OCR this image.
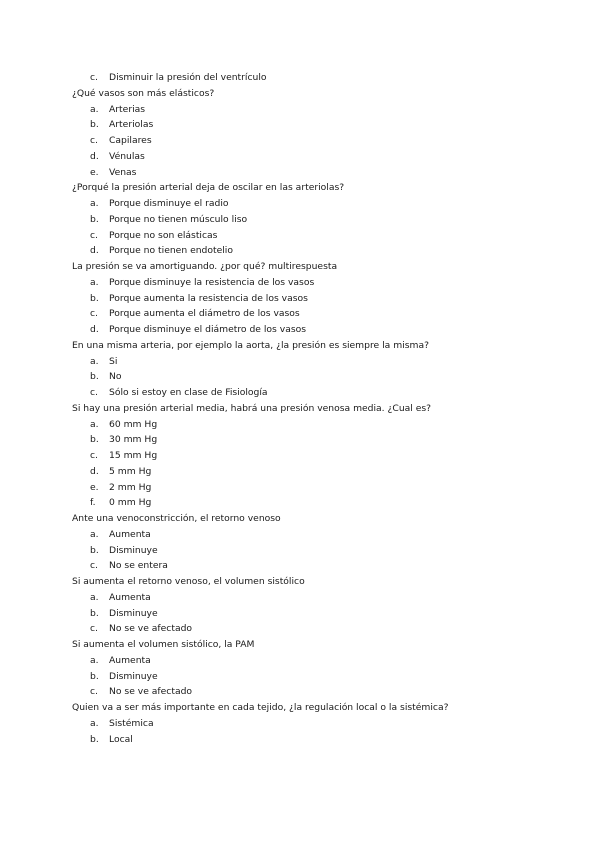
c. Disminuir la presión del ventrículo
¿Qué vasos son más elásticos?
a. Arterias
b. Arteriolas
c. Capilares
d. Vénulas
e. Venas
¿Porqué la presión arterial deja de oscilar en las arteriolas?
a. Porque disminuye el radio
b. Porque no tienen músculo liso
c. Porque no son elásticas
d. Porque no tienen endotelio
La presión se va amortiguando. ¿por qué? multirespuesta
a. Porque disminuye la resistencia de los vasos
b. Porque aumenta la resistencia de los vasos
c. Porque aumenta el diámetro de los vasos
d. Porque disminuye el diámetro de los vasos
En una misma arteria, por ejemplo la aorta, ¿la presión es siempre la misma?
a. Si
b. No
c. Sólo si estoy en clase de Fisiología
Si hay una presión arterial media, habrá una presión venosa media. ¿Cual es?
a. 60 mm Hg
b. 30 mm Hg
c. 15 mm Hg
d. 5 mm Hg
e. 2 mm Hg
f. 0 mm Hg
Ante una venoconstricción, el retorno venoso
a. Aumenta
b. Disminuye
c. No se entera
Si aumenta el retorno venoso, el volumen sistólico
a. Aumenta
b. Disminuye
c. No se ve afectado
Si aumenta el volumen sistólico, la PAM
a. Aumenta
b. Disminuye
c. No se ve afectado
Quien va a ser más importante en cada tejido, ¿la regulación local o la sistémica?
a. Sistémica
b. Local
